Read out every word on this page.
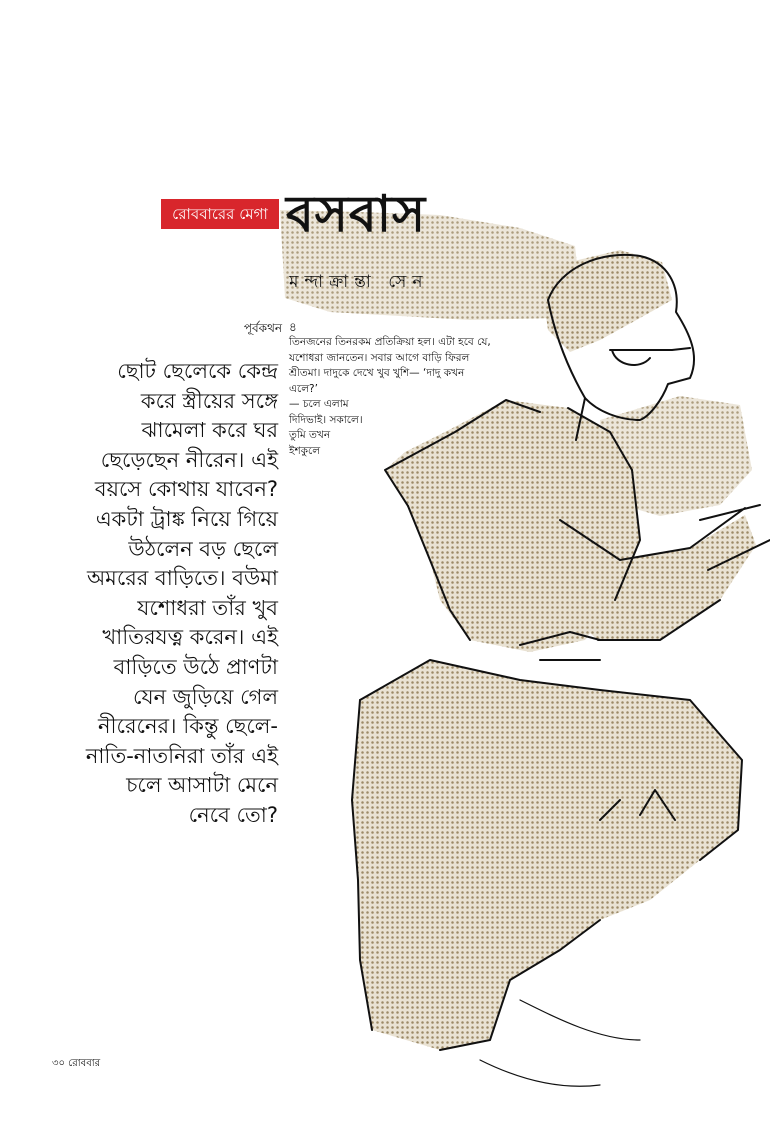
রোববারের মেগা বসবাস
মন্দাক্রান্তা সেন
পূর্বকথন
ছোট ছেলেকে কেন্দ্র
করে স্ত্রীয়ের সঙ্গে
ঝামেলা করে ঘর
ছেড়েছেন নীরেন। এই
বয়সে কোথায় যাবেন?
একটা ট্রাঙ্ক নিয়ে গিয়ে
উঠলেন বড় ছেলে
অমরের বাড়িতে। বউমা
যশোধরা তাঁর খুব
খাতিরযত্ন করেন। এই
বাড়িতে উঠে প্রাণটা
যেন জুড়িয়ে গেল
নীরেনের। কিন্তু ছেলে-
নাতি-নাতনিরা তাঁর এই
চলে আসাটা মেনে
নেবে তো?
৪
তিনজনের তিনরকম প্রতিক্রিয়া হল। এটা হবে যে,
যশোধরা জানতেন। সবার আগে বাড়ি ফিরল
শ্রীতমা। দাদুকে দেখে খুব খুশি— ‘দাদু কখন
এলে?’
— চলে এলাম
দিদিভাই। সকালে।
তুমি তখন
ইশকুলে
৩০ রোববার
